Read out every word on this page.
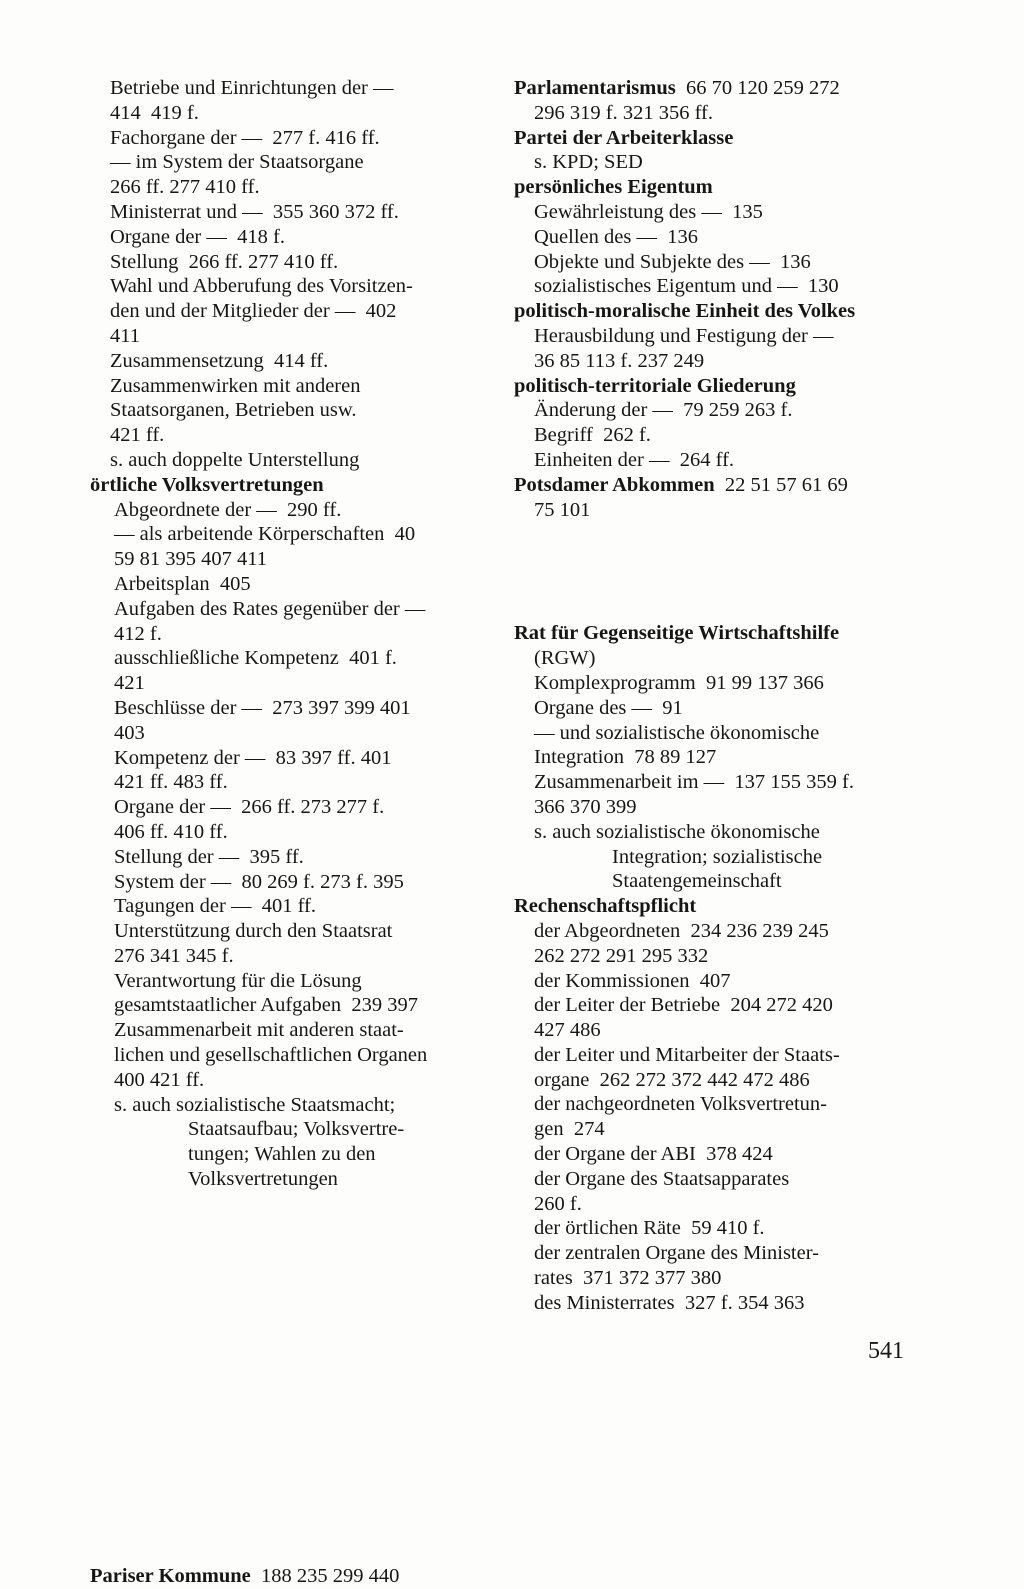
Betriebe und Einrichtungen der —
414  419 f.
Fachorgane der —  277 f. 416 ff.
— im System der Staatsorgane
266 ff. 277 410 ff.
Ministerrat und —  355 360 372 ff.
Organe der —  418 f.
Stellung  266 ff. 277 410 ff.
Wahl und Abberufung des Vorsitzen-
den und der Mitglieder der —  402
411
Zusammensetzung  414 ff.
Zusammenwirken mit anderen
Staatsorganen, Betrieben usw.
421 ff.
s. auch doppelte Unterstellung
örtliche Volksvertretungen
Abgeordnete der —  290 ff.
— als arbeitende Körperschaften  40
59 81 395 407 411
Arbeitsplan  405
Aufgaben des Rates gegenüber der —
412 f.
ausschließliche Kompetenz  401 f.
421
Beschlüsse der —  273 397 399 401
403
Kompetenz der —  83 397 ff. 401
421 ff. 483 ff.
Organe der —  266 ff. 273 277 f.
406 ff. 410 ff.
Stellung der —  395 ff.
System der —  80 269 f. 273 f. 395
Tagungen der —  401 ff.
Unterstützung durch den Staatsrat
276 341 345 f.
Verantwortung für die Lösung
gesamtstaatlicher Aufgaben  239 397
Zusammenarbeit mit anderen staat-
lichen und gesellschaftlichen Organen
400 421 ff.
s. auch sozialistische Staatsmacht;
Staatsaufbau; Volksvertre-
tungen; Wahlen zu den
Volksvertretungen
Pariser Kommune  188 235 299 440
Parlamentarismus  66 70 120 259 272
296 319 f. 321 356 ff.
Partei der Arbeiterklasse
s. KPD; SED
persönliches Eigentum
Gewährleistung des —  135
Quellen des —  136
Objekte und Subjekte des —  136
sozialistisches Eigentum und —  130
politisch-moralische Einheit des Volkes
Herausbildung und Festigung der —
36 85 113 f. 237 249
politisch-territoriale Gliederung
Änderung der —  79 259 263 f.
Begriff  262 f.
Einheiten der —  264 ff.
Potsdamer Abkommen  22 51 57 61 69
75 101
Rat für Gegenseitige Wirtschaftshilfe
(RGW)
Komplexprogramm  91 99 137 366
Organe des —  91
— und sozialistische ökonomische
Integration  78 89 127
Zusammenarbeit im —  137 155 359 f.
366 370 399
s. auch sozialistische ökonomische
Integration; sozialistische
Staatengemeinschaft
Rechenschaftspflicht
der Abgeordneten  234 236 239 245
262 272 291 295 332
der Kommissionen  407
der Leiter der Betriebe  204 272 420
427 486
der Leiter und Mitarbeiter der Staats-
organe  262 272 372 442 472 486
der nachgeordneten Volksvertretun-
gen  274
der Organe der ABI  378 424
der Organe des Staatsapparates
260 f.
der örtlichen Räte  59 410 f.
der zentralen Organe des Minister-
rates  371 372 377 380
des Ministerrates  327 f. 354 363
541
